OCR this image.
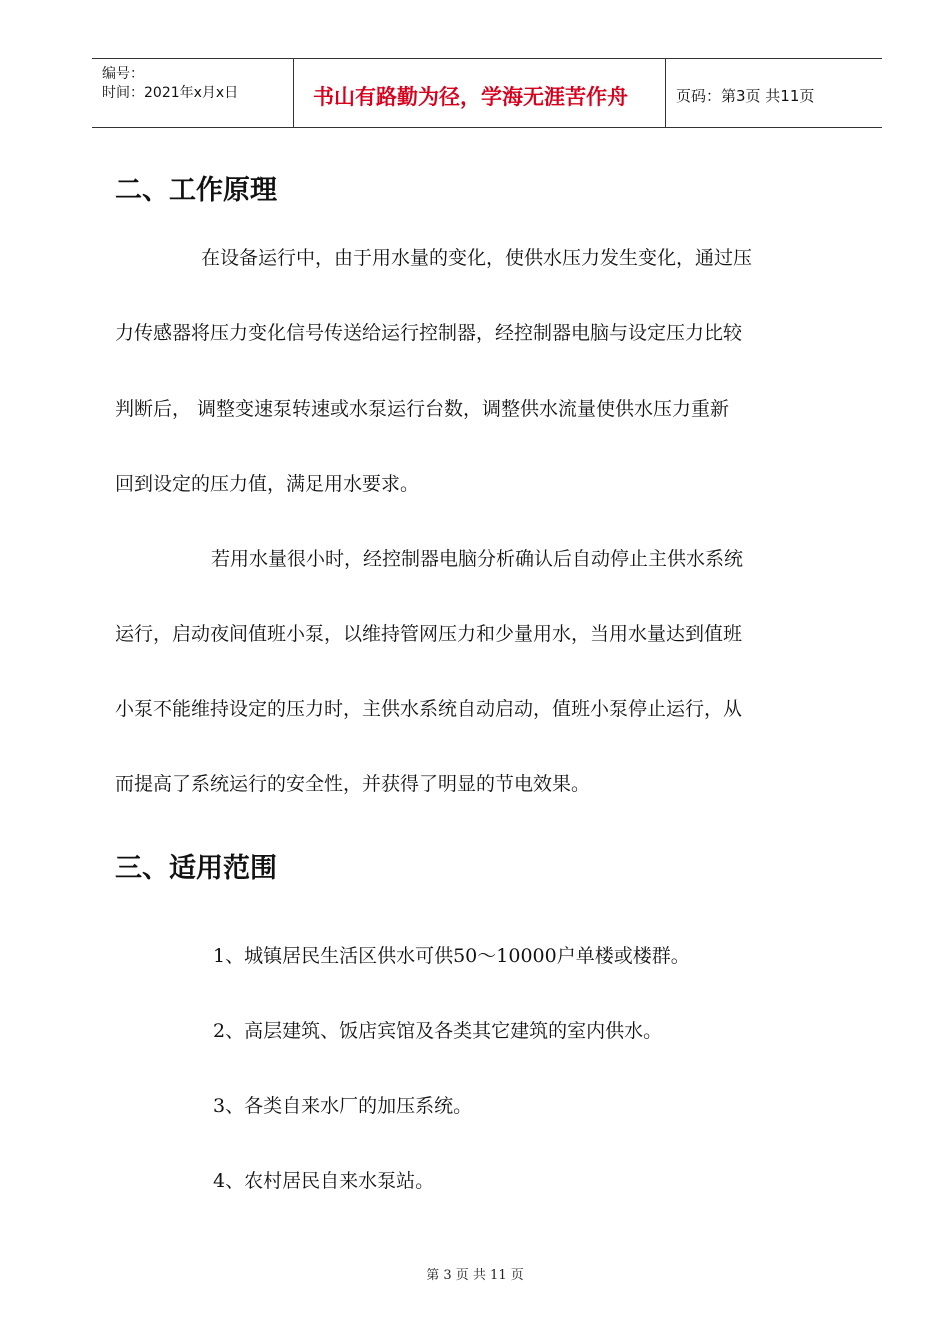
编号：
时间：2021年x月x日	书山有路勤为径，学海无涯苦作舟	页码：第3页 共11页
二、工作原理
在设备运行中，由于用水量的变化，使供水压力发生变化，通过压
力传感器将压力变化信号传送给运行控制器，经控制器电脑与设定压力比较
判断后， 调整变速泵转速或水泵运行台数，调整供水流量使供水压力重新
回到设定的压力值，满足用水要求。
若用水量很小时，经控制器电脑分析确认后自动停止主供水系统
运行，启动夜间值班小泵，以维持管网压力和少量用水，当用水量达到值班
小泵不能维持设定的压力时，主供水系统自动启动，值班小泵停止运行，从
而提高了系统运行的安全性，并获得了明显的节电效果。
三、适用范围
1、城镇居民生活区供水可供50～10000户单楼或楼群。
2、高层建筑、饭店宾馆及各类其它建筑的室内供水。
3、各类自来水厂的加压系统。
4、农村居民自来水泵站。
第 3 页 共 11 页
